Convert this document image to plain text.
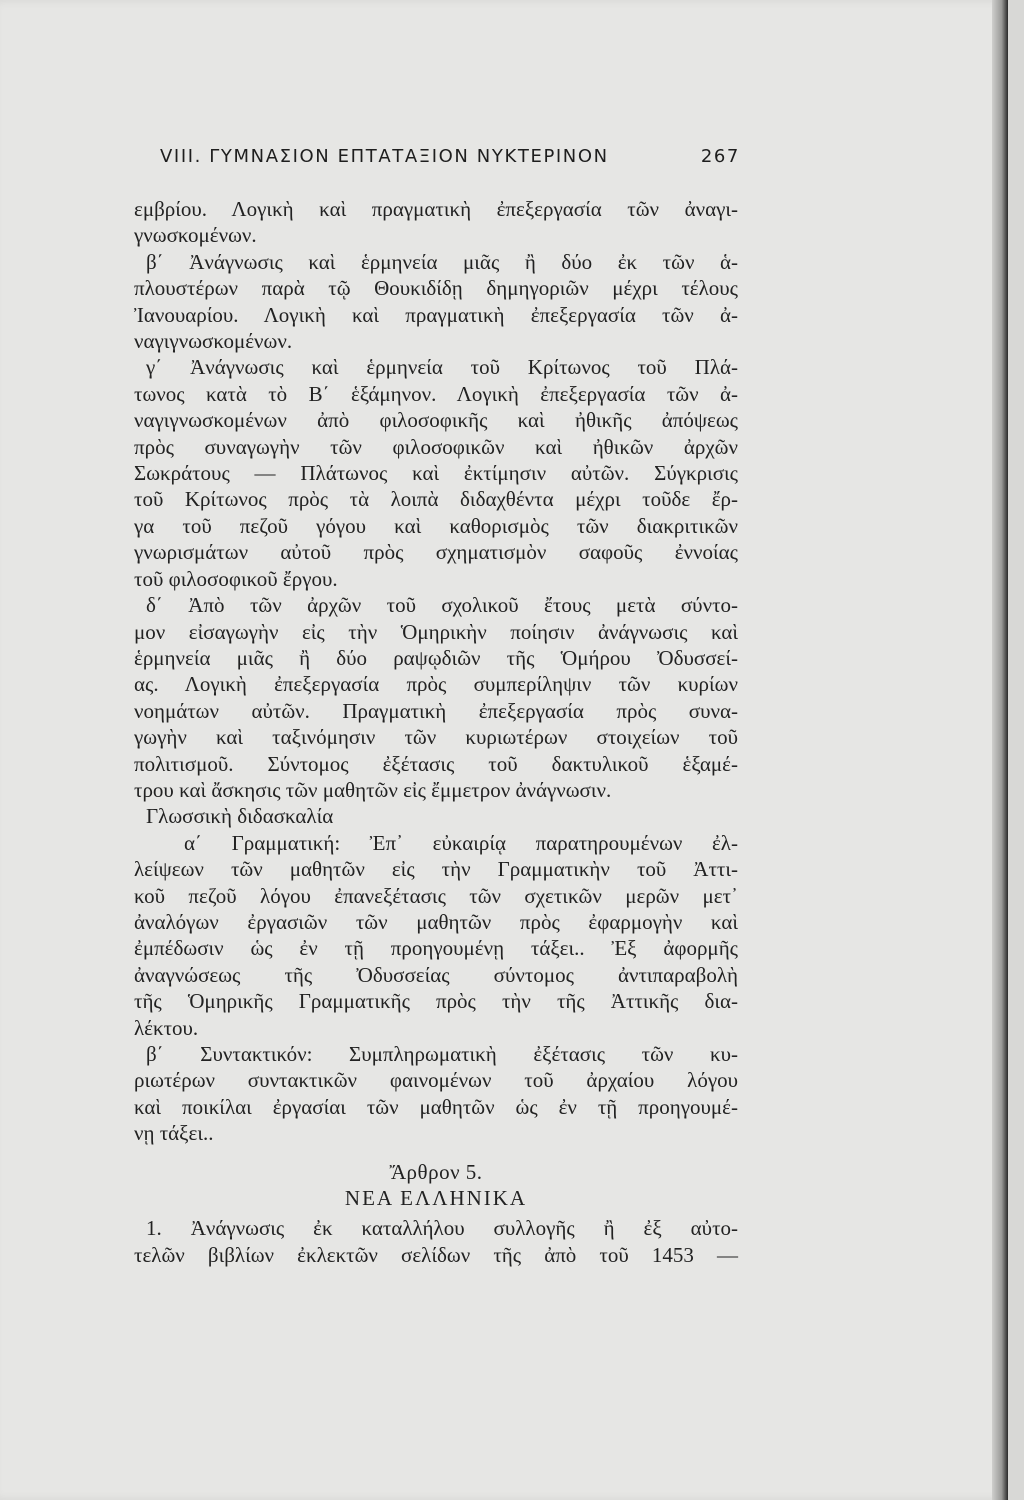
VIII. ΓΥΜΝΑΣΙΟΝ ΕΠΤΑΤΑΞΙΟΝ ΝΥΚΤΕΡΙΝΟΝ	267
εμβρίου. Λογικὴ καὶ πραγματικὴ ἐπεξεργασία τῶν ἀναγι-
γνωσκομένων.
β΄ Ἀνάγνωσις καὶ ἑρμηνεία μιᾶς ἢ δύο ἐκ τῶν ἁ-
πλουστέρων παρὰ τῷ Θουκιδίδῃ δημηγοριῶν μέχρι τέλους
Ἰανουαρίου. Λογικὴ καὶ πραγματικὴ ἐπεξεργασία τῶν ἀ-
ναγιγνωσκομένων.
γ΄ Ἀνάγνωσις καὶ ἑρμηνεία τοῦ Κρίτωνος τοῦ Πλά-
τωνος κατὰ τὸ Β΄ ἑξάμηνον. Λογικὴ ἐπεξεργασία τῶν ἀ-
ναγιγνωσκομένων ἀπὸ φιλοσοφικῆς καὶ ἠθικῆς ἀπόψεως
πρὸς συναγωγὴν τῶν φιλοσοφικῶν καὶ ἠθικῶν ἀρχῶν
Σωκράτους — Πλάτωνος καὶ ἐκτίμησιν αὐτῶν. Σύγκρισις
τοῦ Κρίτωνος πρὸς τὰ λοιπὰ διδαχθέντα μέχρι τοῦδε ἔρ-
γα τοῦ πεζοῦ γόγου καὶ καθορισμὸς τῶν διακριτικῶν
γνωρισμάτων αὐτοῦ πρὸς σχηματισμὸν σαφοῦς ἐννοίας
τοῦ φιλοσοφικοῦ ἔργου.
δ΄ Ἀπὸ τῶν ἀρχῶν τοῦ σχολικοῦ ἔτους μετὰ σύντο-
μον εἰσαγωγὴν εἰς τὴν Ὁμηρικὴν ποίησιν ἀνάγνωσις καὶ
ἑρμηνεία μιᾶς ἢ δύο ραψῳδιῶν τῆς Ὁμήρου Ὀδυσσεί-
ας. Λογικὴ ἐπεξεργασία πρὸς συμπερίληψιν τῶν κυρίων
νοημάτων αὐτῶν. Πραγματικὴ ἐπεξεργασία πρὸς συνα-
γωγὴν καὶ ταξινόμησιν τῶν κυριωτέρων στοιχείων τοῦ
πολιτισμοῦ. Σύντομος ἐξέτασις τοῦ δακτυλικοῦ ἑξαμέ-
τρου καὶ ἄσκησις τῶν μαθητῶν εἰς ἔμμετρον ἀνάγνωσιν.
Γλωσσικὴ διδασκαλία
α΄ Γραμματική: Ἐπ᾿ εὐκαιρίᾳ παρατηρουμένων ἐλ-
λείψεων τῶν μαθητῶν εἰς τὴν Γραμματικὴν τοῦ Ἀττι-
κοῦ πεζοῦ λόγου ἐπανεξέτασις τῶν σχετικῶν μερῶν μετ᾿
ἀναλόγων ἐργασιῶν τῶν μαθητῶν πρὸς ἐφαρμογὴν καὶ
ἐμπέδωσιν ὡς ἐν τῇ προηγουμένῃ τάξει.. Ἐξ ἀφορμῆς
ἀναγνώσεως τῆς Ὀδυσσείας σύντομος ἀντιπαραβολὴ
τῆς Ὁμηρικῆς Γραμματικῆς πρὸς τὴν τῆς Ἀττικῆς δια-
λέκτου.
β΄ Συντακτικόν: Συμπληρωματικὴ ἐξέτασις τῶν κυ-
ριωτέρων συντακτικῶν φαινομένων τοῦ ἀρχαίου λόγου
καὶ ποικίλαι ἐργασίαι τῶν μαθητῶν ὡς ἐν τῇ προηγουμέ-
νῃ τάξει..
Ἄρθρον 5.
ΝΕΑ ΕΛΛΗΝΙΚΑ
1. Ἀνάγνωσις ἐκ καταλλήλου συλλογῆς ἢ ἐξ αὐτο-
τελῶν βιβλίων ἐκλεκτῶν σελίδων τῆς ἀπὸ τοῦ 1453 —
